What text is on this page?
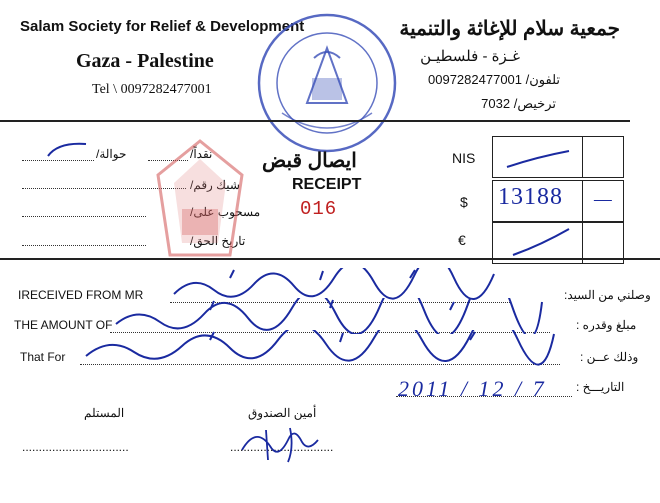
Salam Society for Relief & Development	جمعية سلام للإغاثة والتنمية
Gaza - Palestine	غـزة - فلسطيـن
Tel \ 0097282477001
تلفون/ 0097282477001
ترخيص/ 7032
نقداً/
حوالة/
شيك رقم/
مسحوب على/
تاريخ الحق/
ايصال قبض
RECEIPT
016
NIS
$ 13188 —
€
IRECEIVED FROM MR	وصلني من السيد:
THE AMOUNT OF	مبلغ وقدره :
That For	وذلك عــن :
التاريـــخ :
2011 / 12 / 7
أمين الصندوق
...............................
المستلم
................................
